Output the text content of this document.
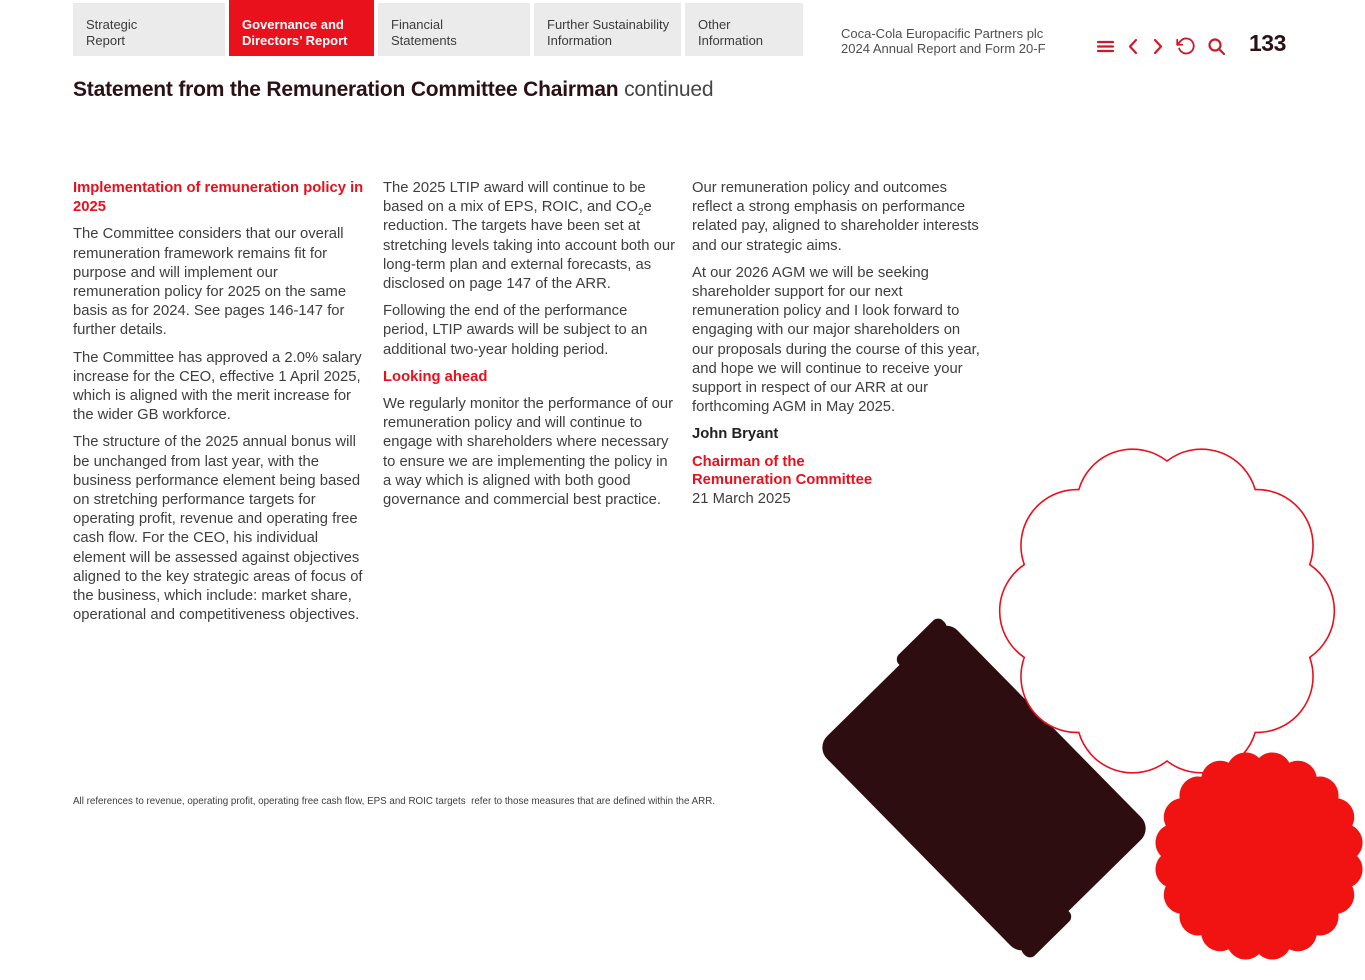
Strategic
Report
Governance and
Directors’ Report
Financial
Statements
Further Sustainability
Information
Other
Information	Coca-Cola Europacific Partners plc
2024 Annual Report and Form 20-F	133
Statement from the Remuneration Committee Chairman continued

Implementation of remuneration policy in 2025

The Committee considers that our overall remuneration framework remains fit for purpose and will implement our remuneration policy for 2025 on the same basis as for 2024. See pages 146-147 for further details.

The Committee has approved a 2.0% salary increase for the CEO, effective 1 April 2025, which is aligned with the merit increase for the wider GB workforce.

The structure of the 2025 annual bonus will be unchanged from last year, with the business performance element being based on stretching performance targets for operating profit, revenue and operating free cash flow. For the CEO, his individual element will be assessed against objectives aligned to the key strategic areas of focus of the business, which include: market share, operational and competitiveness objectives.

The 2025 LTIP award will continue to be based on a mix of EPS, ROIC, and $CO_2e$ reduction. The targets have been set at stretching levels taking into account both our long-term plan and external forecasts, as disclosed on page 147 of the ARR.

Following the end of the performance period, LTIP awards will be subject to an additional two-year holding period.

Looking ahead

We regularly monitor the performance of our remuneration policy and will continue to engage with shareholders where necessary to ensure we are implementing the policy in a way which is aligned with both good governance and commercial best practice.

Our remuneration policy and outcomes reflect a strong emphasis on performance related pay, aligned to shareholder interests and our strategic aims.

At our 2026 AGM we will be seeking shareholder support for our next remuneration policy and I look forward to engaging with our major shareholders on our proposals during the course of this year, and hope we will continue to receive your support in respect of our ARR at our forthcoming AGM in May 2025.

John Bryant

Chairman of the
Remuneration Committee
21 March 2025
All references to revenue, operating profit, operating free cash flow, EPS and ROIC targets  refer to those measures that are defined within the ARR.
